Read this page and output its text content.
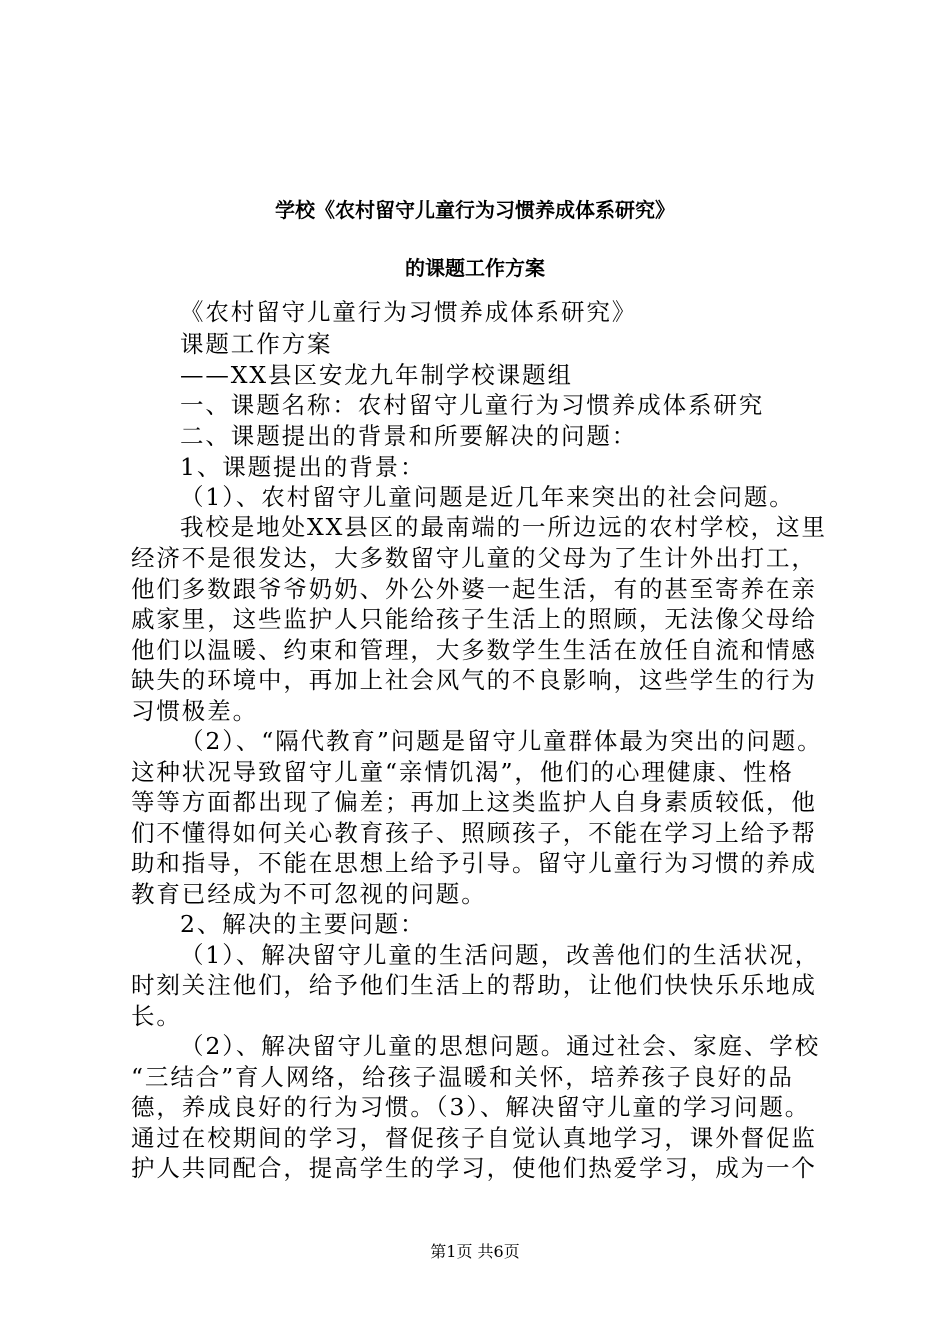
学校《农村留守儿童行为习惯养成体系研究》
的课题工作方案
《农村留守儿童行为习惯养成体系研究》
课题工作方案
——XX县区安龙九年制学校课题组
一、课题名称：农村留守儿童行为习惯养成体系研究
二、课题提出的背景和所要解决的问题：
1、课题提出的背景：
（1）、农村留守儿童问题是近几年来突出的社会问题。
我校是地处XX县区的最南端的一所边远的农村学校，这里
经济不是很发达，大多数留守儿童的父母为了生计外出打工，
他们多数跟爷爷奶奶、外公外婆一起生活，有的甚至寄养在亲
戚家里，这些监护人只能给孩子生活上的照顾，无法像父母给
他们以温暖、约束和管理，大多数学生生活在放任自流和情感
缺失的环境中，再加上社会风气的不良影响，这些学生的行为
习惯极差。
（2）、“隔代教育”问题是留守儿童群体最为突出的问题。
这种状况导致留守儿童“亲情饥渴”，他们的心理健康、性格
等等方面都出现了偏差；再加上这类监护人自身素质较低，他
们不懂得如何关心教育孩子、照顾孩子，不能在学习上给予帮
助和指导，不能在思想上给予引导。留守儿童行为习惯的养成
教育已经成为不可忽视的问题。
2、解决的主要问题：
（1）、解决留守儿童的生活问题，改善他们的生活状况，
时刻关注他们，给予他们生活上的帮助，让他们快快乐乐地成
长。
（2）、解决留守儿童的思想问题。通过社会、家庭、学校
“三结合”育人网络，给孩子温暖和关怀，培养孩子良好的品
德，养成良好的行为习惯。（3）、解决留守儿童的学习问题。
通过在校期间的学习，督促孩子自觉认真地学习，课外督促监
护人共同配合，提高学生的学习，使他们热爱学习，成为一个
第1页 共6页
